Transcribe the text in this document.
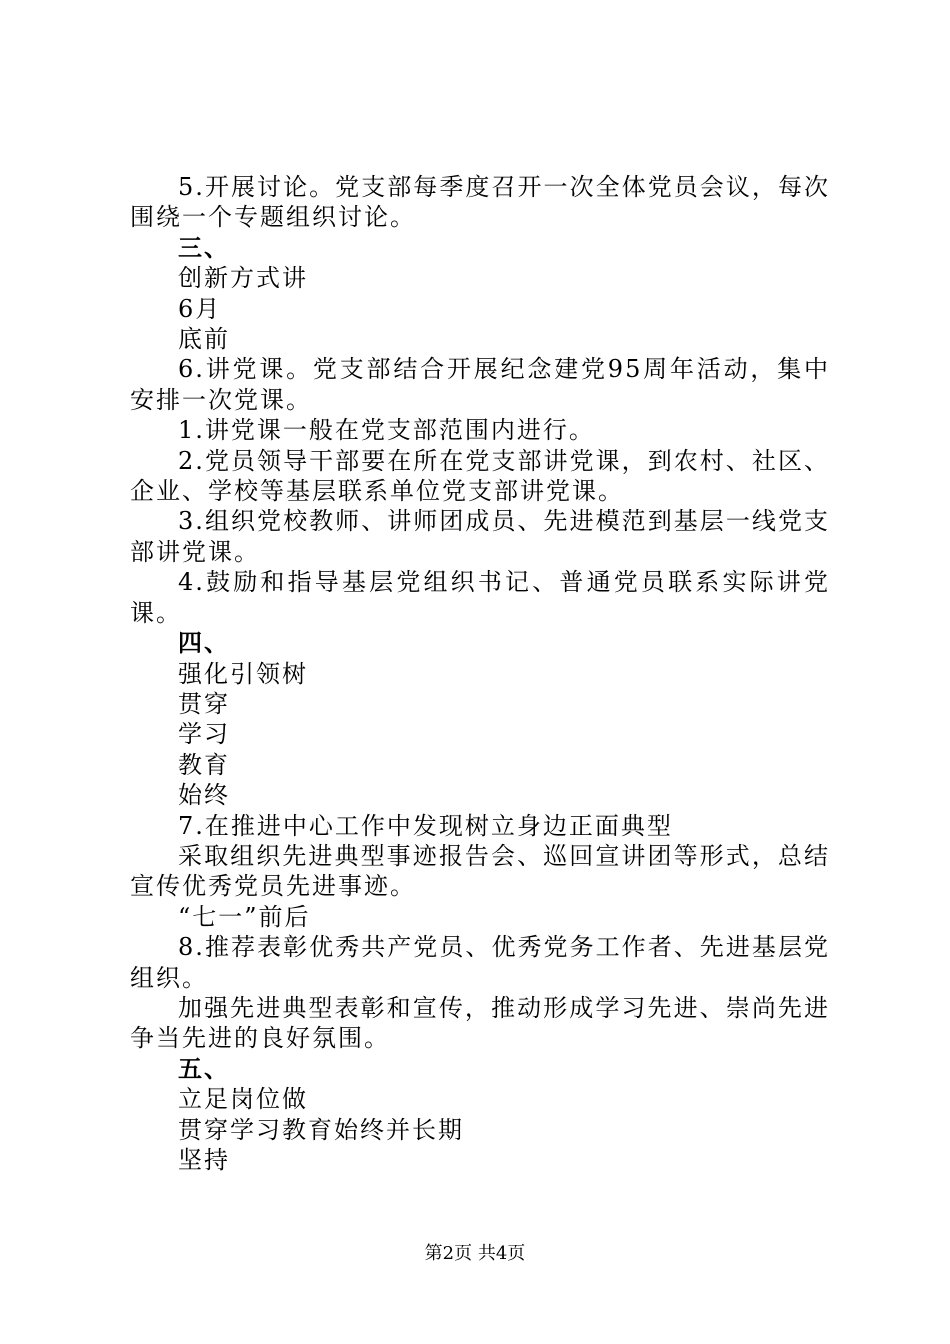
5.开展讨论。党支部每季度召开一次全体党员会议，每次围绕一个专题组织讨论。

三、

创新方式讲

6月

底前

6.讲党课。党支部结合开展纪念建党95周年活动，集中安排一次党课。

1.讲党课一般在党支部范围内进行。

2.党员领导干部要在所在党支部讲党课，到农村、社区、企业、学校等基层联系单位党支部讲党课。

3.组织党校教师、讲师团成员、先进模范到基层一线党支部讲党课。

4.鼓励和指导基层党组织书记、普通党员联系实际讲党课。

四、

强化引领树

贯穿

学习

教育

始终

7.在推进中心工作中发现树立身边正面典型

采取组织先进典型事迹报告会、巡回宣讲团等形式，总结宣传优秀党员先进事迹。

“七一”前后

8.推荐表彰优秀共产党员、优秀党务工作者、先进基层党组织。

加强先进典型表彰和宣传，推动形成学习先进、崇尚先进争当先进的良好氛围。

五、

立足岗位做

贯穿学习教育始终并长期

坚持

第2页 共4页
